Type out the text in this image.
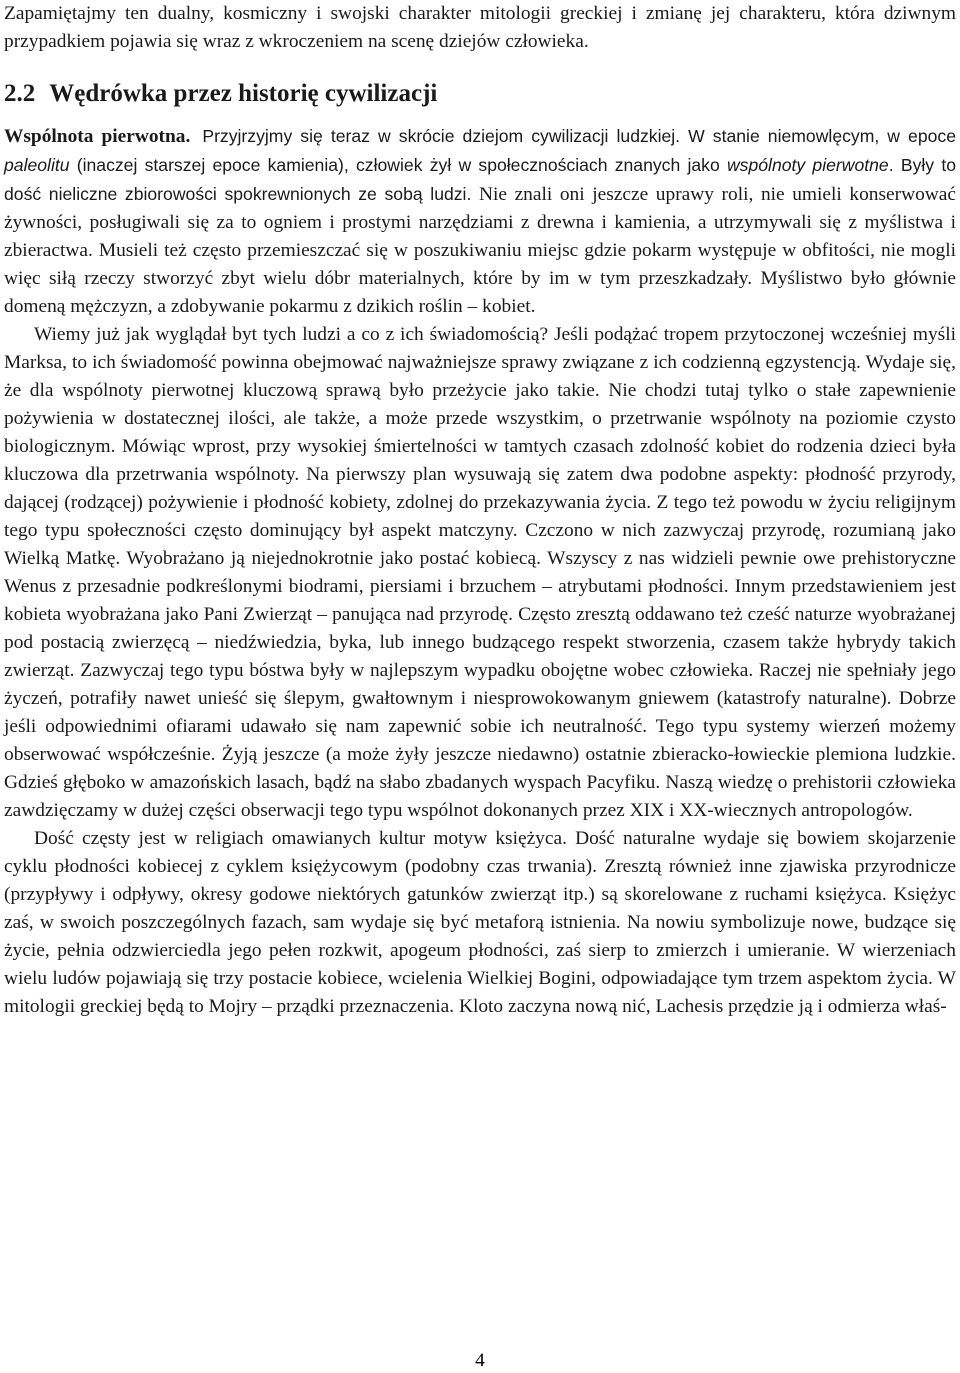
Zapamiętajmy ten dualny, kosmiczny i swojski charakter mitologii greckiej i zmianę jej charakteru, która dziwnym przypadkiem pojawia się wraz z wkroczeniem na scenę dziejów człowieka.

2.2 Wędrówka przez historię cywilizacji

Wspólnota pierwotna. Przyjrzyjmy się teraz w skrócie dziejom cywilizacji ludzkiej. W stanie niemowlęcym, w epoce paleolitu (inaczej starszej epoce kamienia), człowiek żył w społecznościach znanych jako wspólnoty pierwotne. Były to dość nieliczne zbiorowości spokrewnionych ze sobą ludzi. Nie znali oni jeszcze uprawy roli, nie umieli konserwować żywności, posługiwali się za to ogniem i prostymi narzędziami z drewna i kamienia, a utrzymywali się z myślistwa i zbieractwa. Musieli też często przemieszczać się w poszukiwaniu miejsc gdzie pokarm występuje w obfitości, nie mogli więc siłą rzeczy stworzyć zbyt wielu dóbr materialnych, które by im w tym przeszkadzały. Myślistwo było głównie domeną mężczyzn, a zdobywanie pokarmu z dzikich roślin – kobiet.

Wiemy już jak wyglądał byt tych ludzi a co z ich świadomością? Jeśli podążać tropem przytoczonej wcześniej myśli Marksa, to ich świadomość powinna obejmować najważniejsze sprawy związane z ich codzienną egzystencją. Wydaje się, że dla wspólnoty pierwotnej kluczową sprawą było przeżycie jako takie. Nie chodzi tutaj tylko o stałe zapewnienie pożywienia w dostatecznej ilości, ale także, a może przede wszystkim, o przetrwanie wspólnoty na poziomie czysto biologicznym. Mówiąc wprost, przy wysokiej śmiertelności w tamtych czasach zdolność kobiet do rodzenia dzieci była kluczowa dla przetrwania wspólnoty. Na pierwszy plan wysuwają się zatem dwa podobne aspekty: płodność przyrody, dającej (rodzącej) pożywienie i płodność kobiety, zdolnej do przekazywania życia. Z tego też powodu w życiu religijnym tego typu społeczności często dominujący był aspekt matczyny. Czczono w nich zazwyczaj przyrodę, rozumianą jako Wielką Matkę. Wyobrażano ją niejednokrotnie jako postać kobiecą. Wszyscy z nas widzieli pewnie owe prehistoryczne Wenus z przesadnie podkreślonymi biodrami, piersiami i brzuchem – atrybutami płodności. Innym przedstawieniem jest kobieta wyobrażana jako Pani Zwierząt – panująca nad przyrodę. Często zresztą oddawano też cześć naturze wyobrażanej pod postacią zwierzęcą – niedźwiedzia, byka, lub innego budzącego respekt stworzenia, czasem także hybrydy takich zwierząt. Zazwyczaj tego typu bóstwa były w najlepszym wypadku obojętne wobec człowieka. Raczej nie spełniały jego życzeń, potrafiły nawet unieść się ślepym, gwałtownym i niesprowokowanym gniewem (katastrofy naturalne). Dobrze jeśli odpowiednimi ofiarami udawało się nam zapewnić sobie ich neutralność. Tego typu systemy wierzeń możemy obserwować współcześnie. Żyją jeszcze (a może żyły jeszcze niedawno) ostatnie zbieracko-łowieckie plemiona ludzkie. Gdzieś głęboko w amazońskich lasach, bądź na słabo zbadanych wyspach Pacyfiku. Naszą wiedzę o prehistorii człowieka zawdzięczamy w dużej części obserwacji tego typu wspólnot dokonanych przez XIX i XX-wiecznych antropologów.

Dość częsty jest w religiach omawianych kultur motyw księżyca. Dość naturalne wydaje się bowiem skojarzenie cyklu płodności kobiecej z cyklem księżycowym (podobny czas trwania). Zresztą również inne zjawiska przyrodnicze (przypływy i odpływy, okresy godowe niektórych gatunków zwierząt itp.) są skorelowane z ruchami księżyca. Księżyc zaś, w swoich poszczególnych fazach, sam wydaje się być metaforą istnienia. Na nowiu symbolizuje nowe, budzące się życie, pełnia odzwierciedla jego pełen rozkwit, apogeum płodności, zaś sierp to zmierzch i umieranie. W wierzeniach wielu ludów pojawiają się trzy postacie kobiece, wcielenia Wielkiej Bogini, odpowiadające tym trzem aspektom życia. W mitologii greckiej będą to Mojry – prządki przeznaczenia. Kloto zaczyna nową nić, Lachesis przędzie ją i odmierza właś-

4
